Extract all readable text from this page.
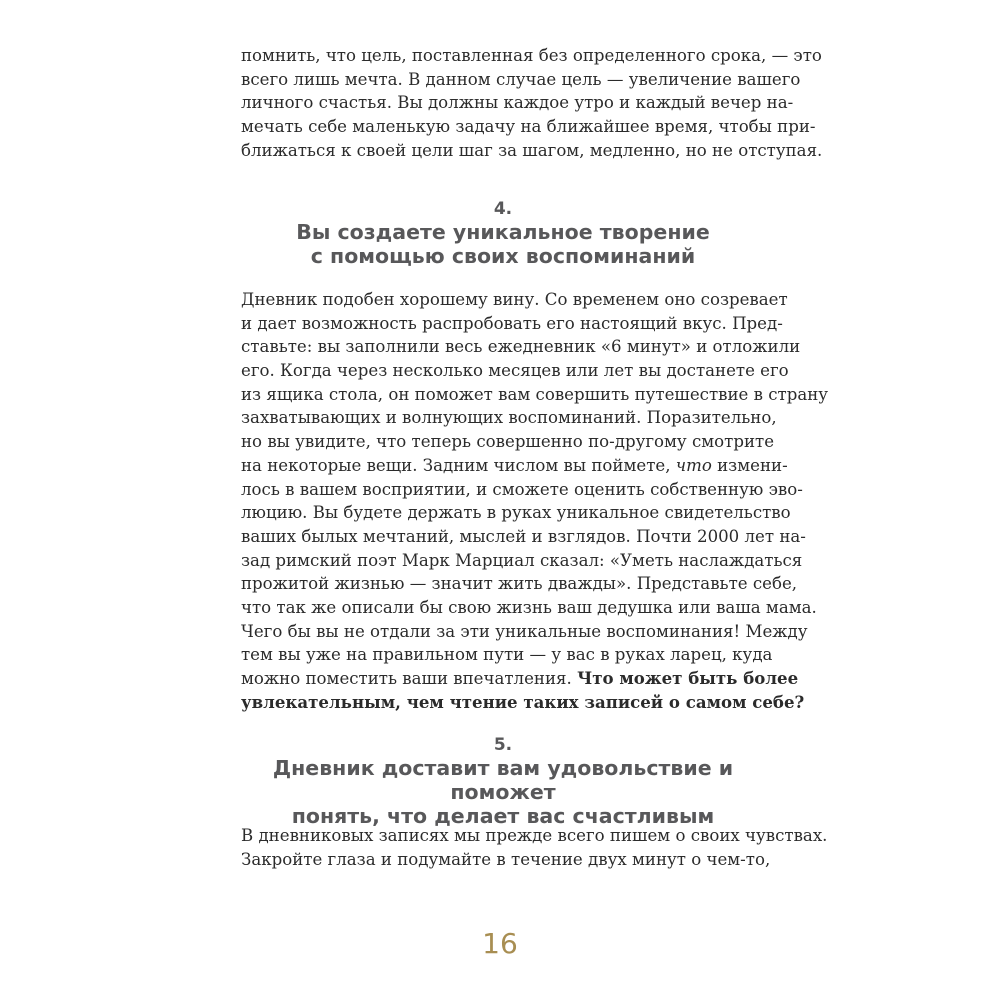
помнить, что цель, поставленная без определенного срока, — это
всего лишь мечта. В данном случае цель — увеличение вашего
личного счастья. Вы должны каждое утро и каждый вечер на-
мечать себе маленькую задачу на ближайшее время, чтобы при-
ближаться к своей цели шаг за шагом, медленно, но не отступая.
4.
Вы создаете уникальное творение
с помощью своих воспоминаний
Дневник подобен хорошему вину. Со временем оно созревает
и дает возможность распробовать его настоящий вкус. Пред-
ставьте: вы заполнили весь ежедневник «6 минут» и отложили
его. Когда через несколько месяцев или лет вы достанете его
из ящика стола, он поможет вам совершить путешествие в страну
захватывающих и волнующих воспоминаний. Поразительно,
но вы увидите, что теперь совершенно по-другому смотрите
на некоторые вещи. Задним числом вы поймете, что измени-
лось в вашем восприятии, и сможете оценить собственную эво-
люцию. Вы будете держать в руках уникальное свидетельство
ваших былых мечтаний, мыслей и взглядов. Почти 2000 лет на-
зад римский поэт Марк Марциал сказал: «Уметь наслаждаться
прожитой жизнью — значит жить дважды». Представьте себе,
что так же описали бы свою жизнь ваш дедушка или ваша мама.
Чего бы вы не отдали за эти уникальные воспоминания! Между
тем вы уже на правильном пути — у вас в руках ларец, куда
можно поместить ваши впечатления. Что может быть более
увлекательным, чем чтение таких записей о самом себе?
5.
Дневник доставит вам удовольствие и поможет
понять, что делает вас счастливым
В дневниковых записях мы прежде всего пишем о своих чувствах.
Закройте глаза и подумайте в течение двух минут о чем-то,
16
